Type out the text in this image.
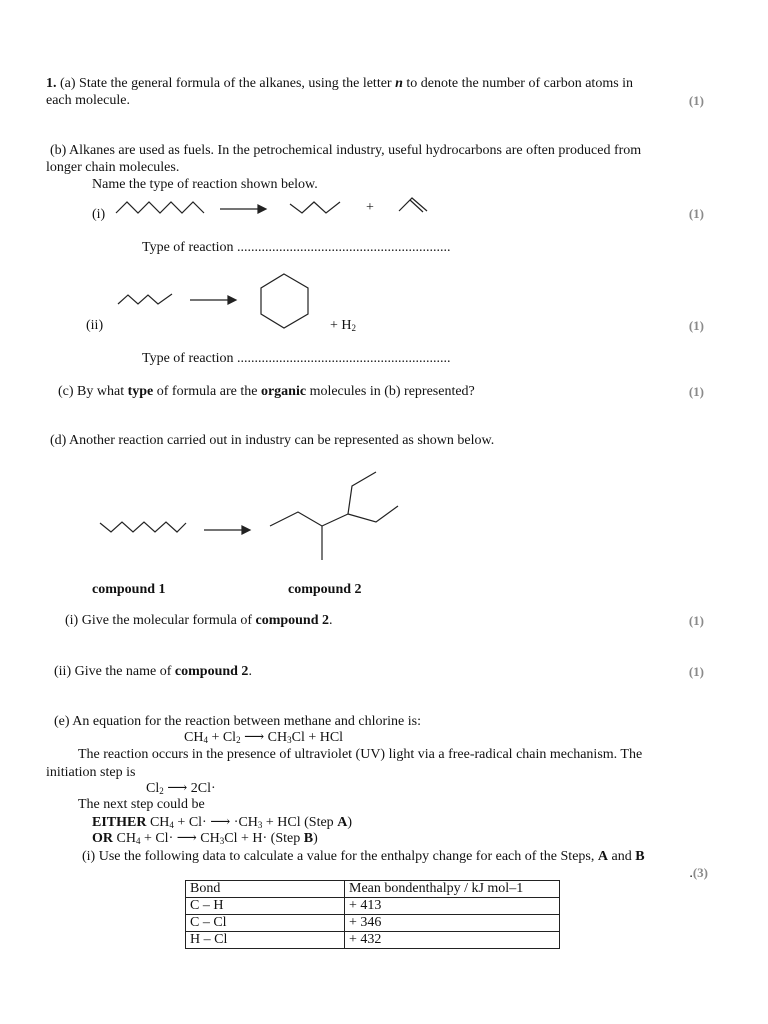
1. (a) State the general formula of the alkanes, using the letter n to denote the number of carbon atoms in
each molecule.	(1)
(b) Alkanes are used as fuels. In the petrochemical industry, useful hydrocarbons are often produced from
longer chain molecules.
Name the type of reaction shown below.
(i)	+	(1)
Type of reaction .............................................................
(ii)	+ $H_2$	(1)
Type of reaction .............................................................
(c) By what type of formula are the organic molecules in (b) represented?	(1)
(d) Another reaction carried out in industry can be represented as shown below.
compound 1	compound 2
(i) Give the molecular formula of compound 2.	(1)
(ii) Give the name of compound 2.	(1)
(e) An equation for the reaction between methane and chlorine is:
$CH_4 + Cl_2$ ⟶ $CH_3Cl$ + HCl
The reaction occurs in the presence of ultraviolet (UV) light via a free-radical chain mechanism. The
initiation step is
$Cl_2$ ⟶ 2Cl·
The next step could be
EITHER $CH_4 + Cl\cdot$ ⟶ $\cdot CH_3$ + HCl (Step A)
OR $CH_4 + Cl\cdot$ ⟶ $CH_3Cl + H\cdot$ (Step B)
(i) Use the following data to calculate a value for the enthalpy change for each of the Steps, A and B
.(3)
Bond	Mean bondenthalpy / kJ mol–1
C – H	+ 413
C – Cl	+ 346
H – Cl	+ 432
